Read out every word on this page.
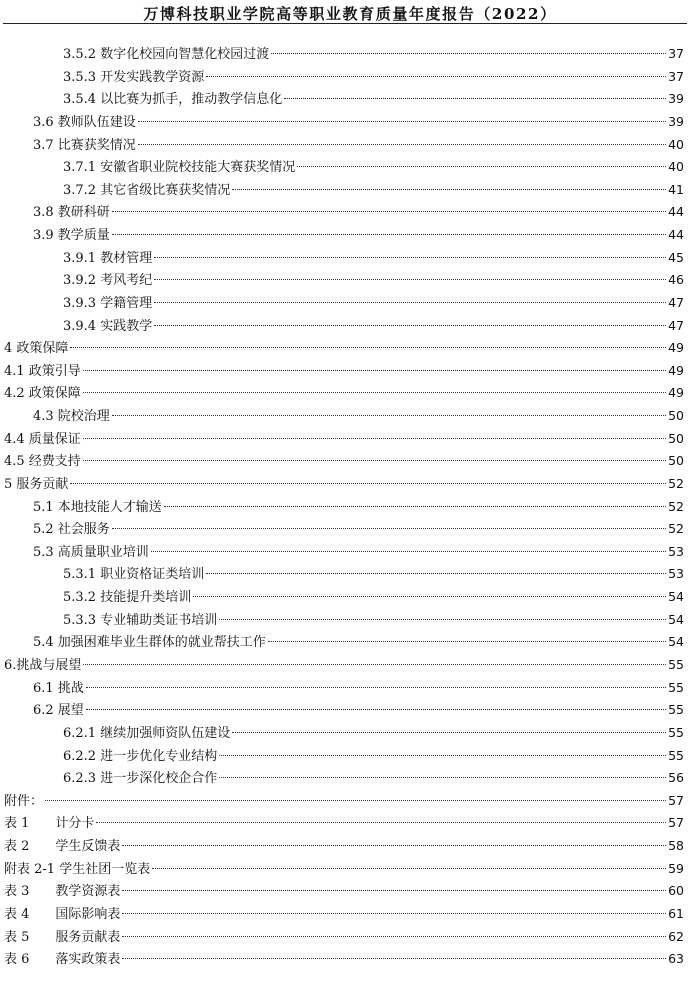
万博科技职业学院高等职业教育质量年度报告（2022）
3.5.2 数字化校园向智慧化校园过渡	37
3.5.3 开发实践教学资源	37
3.5.4 以比赛为抓手，推动教学信息化	39
3.6 教师队伍建设	39
3.7 比赛获奖情况	40
3.7.1 安徽省职业院校技能大赛获奖情况	40
3.7.2 其它省级比赛获奖情况	41
3.8 教研科研	44
3.9 教学质量	44
3.9.1 教材管理	45
3.9.2 考风考纪	46
3.9.3 学籍管理	47
3.9.4 实践教学	47
4 政策保障	49
4.1 政策引导	49
4.2 政策保障	49
4.3 院校治理	50
4.4 质量保证	50
4.5 经费支持	50
5 服务贡献	52
5.1 本地技能人才输送	52
5.2 社会服务	52
5.3 高质量职业培训	53
5.3.1 职业资格证类培训	53
5.3.2 技能提升类培训	54
5.3.3 专业辅助类证书培训	54
5.4 加强困难毕业生群体的就业帮扶工作	54
6.挑战与展望	55
6.1 挑战	55
6.2 展望	55
6.2.1 继续加强师资队伍建设	55
6.2.2 进一步优化专业结构	55
6.2.3 进一步深化校企合作	56
附件：	57
表 1　　计分卡	57
表 2　　学生反馈表	58
附表 2-1 学生社团一览表	59
表 3　　教学资源表	60
表 4　　国际影响表	61
表 5　　服务贡献表	62
表 6　　落实政策表	63
